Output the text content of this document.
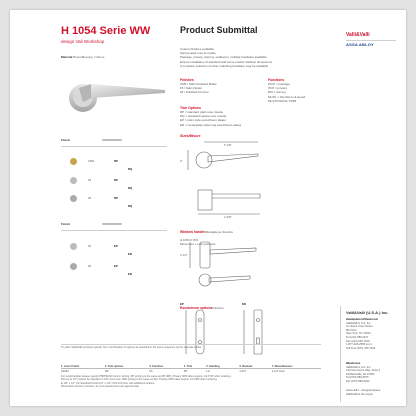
H 1054 Serie WW
design Vali Workshop
Material Brass/Messing / Ottone
Product Submittal	Valli&Valli
ASSA ABLOY
Custom finishes available
Spring rated rose & rosette
Passage, privacy, dummy, endlevers, multiple hardware available
Ensure installation of standard and some custom backset dimensions
A complete selection of other matching hardware may be available
Finishes
CM6 / Satin Polished Brass
15 / Satin Nickel
26 / Polished Chrome
Functions
PCW = passage
PCP = privacy
DM = dummy
ML/PL = thumbturn & keyed
ML/L/PCR/C/F, TRIM
Trim Options
RP = standard plain rose rosette
RQ = standard square rose rosette
EP = plain style escutcheon plates
ER = rectangular style long escutcheon plates
Sizes/Misure
Finish
CM6	RP
RQ
15	RP
RQ
26	RP
RQ
Finish
15	EP
ER
26	EP
ER
5 1/8"
2"
2 3/8"
Window handle/Maniglia per finestra
H 1054 F WS
Movement + lock positions
3 1/2"
Escutcheon options/Opzioni
EP	ER
To order Valli&Valli products specify: first, combination of options as specified in the same sequence as the example below:
1. Lever Finish	2. Trim options	3. Function	4. Trim	5. Handing	6. Backset	7. Miscellaneous
H1054	RP	PA	RP	LH	2-3/4"	2-1/4" Door
For small handles please specify PB/PBL/NC lock in writing. RP printing is the same as RP (RP). Privacy SFB stiles require: 1/2 TOP when ordering.
RQ (up to 16" Inserts) be standard in 1/8" pivot rose. FRD pricing is the same as RQ. Privacy FRD stiles require 1/2 FRD when ordering.
E 1/8" x 1/2" UK Standard Finish 1/2" x 1/2" ON FCO Door with additional options.
Dimensions shown in inches / in mm/measurement are approximate.
Valli&Valli (U.S.A.) Inc.
Headquarters/Showroom
Valli&Valli U.S.A. Inc.
c/o Stone Crest Street
8th Floor
New York, NY 10001
Tel (212) 686 4447
Fax (212) 226 7919
1-877-326-2565 ext 1
Toll Free (877) 226 7919
Warehouse
Valli&Valli U.S.A. Inc.
144 Commerce Way, Suite 3
Fairfield Hills, NJ 07004
Tel (973) 860-6575
Fax (973) 869-0202
www.valli.it - designed.space
Valli&Valli is the expert
